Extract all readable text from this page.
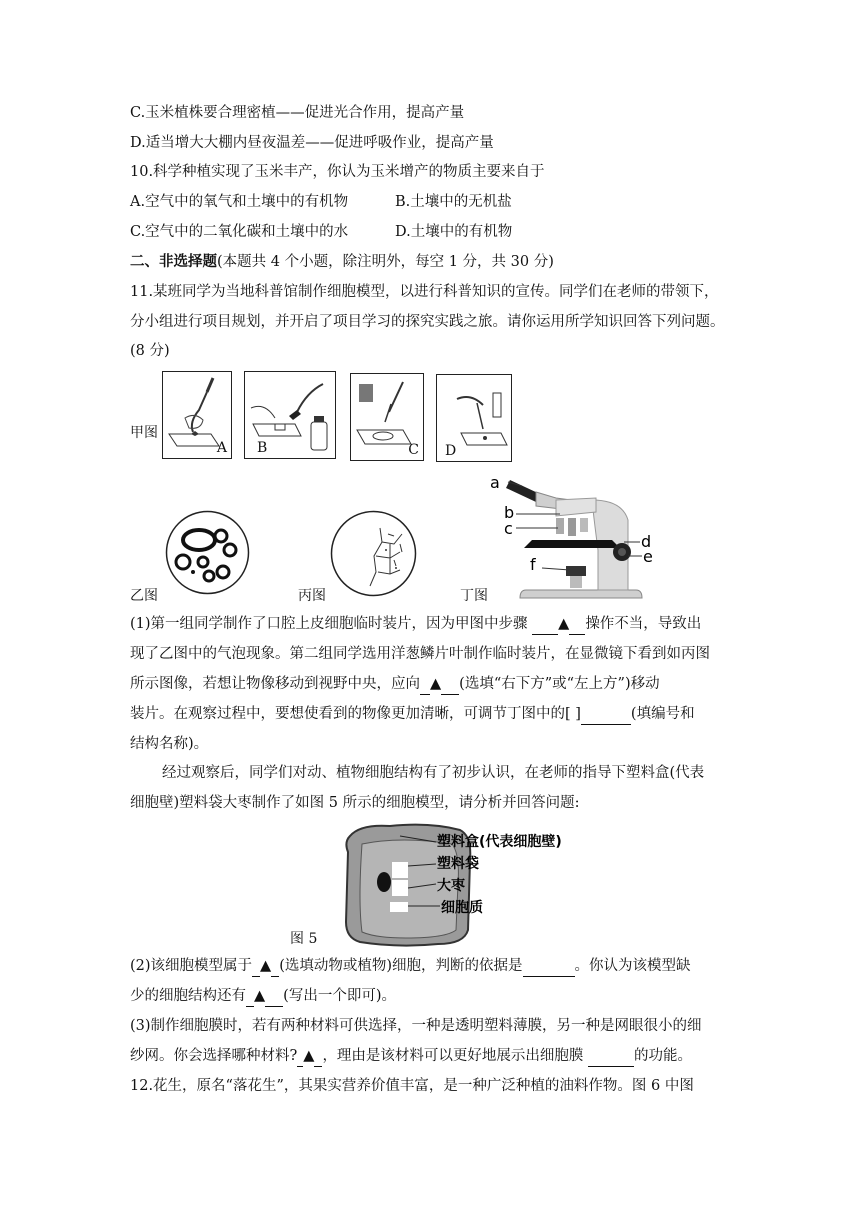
C.玉米植株要合理密植——促进光合作用，提高产量
D.适当增大大棚内昼夜温差——促进呼吸作业，提高产量
10.科学种植实现了玉米丰产，你认为玉米增产的物质主要来自于
A.空气中的氧气和土壤中的有机物	B.土壤中的无机盐
C.空气中的二氧化碳和土壤中的水	D.土壤中的有机物
二、非选择题(本题共 4 个小题，除注明外，每空 1 分，共 30 分)
11.某班同学为当地科普馆制作细胞模型，以进行科普知识的宣传。同学们在老师的带领下，
分小组进行项目规划，并开启了项目学习的探究实践之旅。请你运用所学知识回答下列问题。
(8 分)
甲图
A B	C D
乙图	丙图	丁图
a
b
c
d
e
f
(1)第一组同学制作了口腔上皮细胞临时装片，因为甲图中步骤  ▲ 操作不当，导致出
现了乙图中的气泡现象。第二组同学选用洋葱鳞片叶制作临时装片，在显微镜下看到如丙图
所示图像，若想让物像移动到视野中央，应向 ▲ (选填“右下方”或“左上方”)移动
装片。在观察过程中，要想使看到的物像更加清晰，可调节丁图中的[ ]	(填编号和
结构名称)。
经过观察后，同学们对动、植物细胞结构有了初步认识，在老师的指导下塑料盒(代表
细胞壁)塑料袋大枣制作了如图 5 所示的细胞模型，请分析并回答问题:
塑料盒(代表细胞壁)
塑料袋
大枣
细胞质
图 5
(2)该细胞模型属于 ▲ (选填动物或植物)细胞，判断的依据是	。你认为该模型缺
少的细胞结构还有 ▲ (写出一个即可)。
(3)制作细胞膜时，若有两种材料可供选择，一种是透明塑料薄膜，另一种是网眼很小的细
纱网。你会选择哪种材料? ▲ ，理由是该材料可以更好地展示出细胞膜	的功能。
12.花生，原名“落花生”，其果实营养价值丰富，是一种广泛种植的油料作物。图 6 中图
